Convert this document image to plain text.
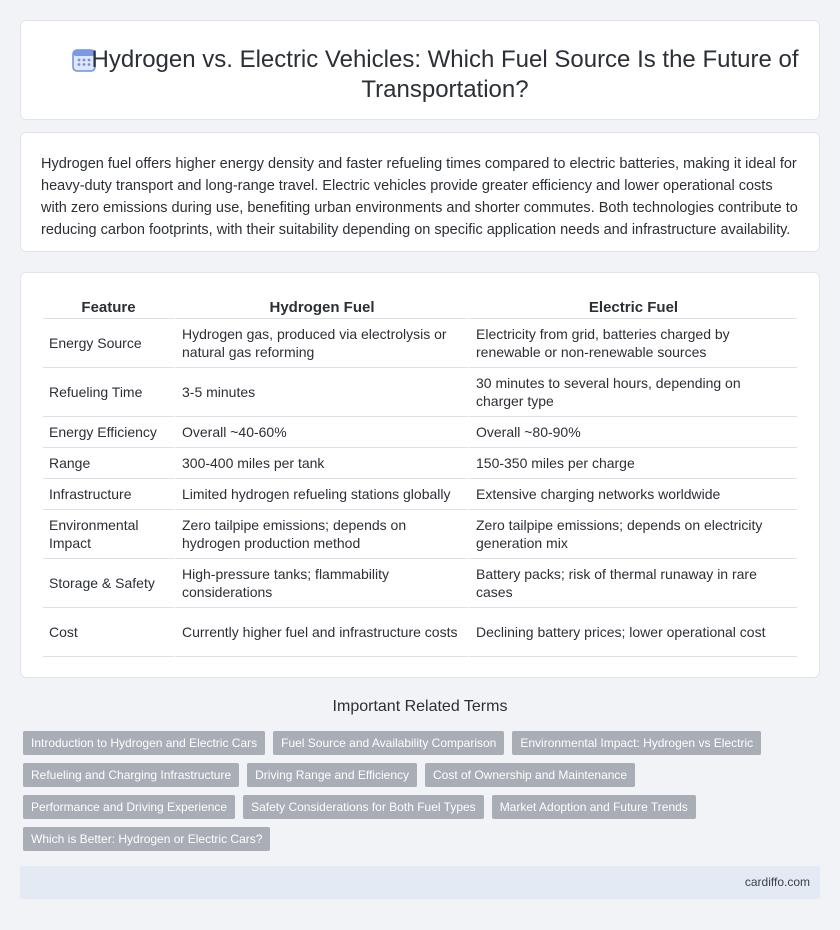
Hydrogen vs. Electric Vehicles: Which Fuel Source Is the Future of Transportation?

Hydrogen fuel offers higher energy density and faster refueling times compared to electric batteries, making it ideal for heavy-duty transport and long-range travel. Electric vehicles provide greater efficiency and lower operational costs with zero emissions during use, benefiting urban environments and shorter commutes. Both technologies contribute to reducing carbon footprints, with their suitability depending on specific application needs and infrastructure availability.

Feature	Hydrogen Fuel	Electric Fuel
Energy Source	Hydrogen gas, produced via electrolysis or natural gas reforming	Electricity from grid, batteries charged by renewable or non-renewable sources
Refueling Time	3-5 minutes	30 minutes to several hours, depending on charger type
Energy Efficiency	Overall ~40-60%	Overall ~80-90%
Range	300-400 miles per tank	150-350 miles per charge
Infrastructure	Limited hydrogen refueling stations globally	Extensive charging networks worldwide
Environmental Impact	Zero tailpipe emissions; depends on hydrogen production method	Zero tailpipe emissions; depends on electricity generation mix
Storage & Safety	High-pressure tanks; flammability considerations	Battery packs; risk of thermal runaway in rare cases
Cost	Currently higher fuel and infrastructure costs	Declining battery prices; lower operational cost
Important Related Terms
Introduction to Hydrogen and Electric Cars	Fuel Source and Availability Comparison	Environmental Impact: Hydrogen vs Electric
Refueling and Charging Infrastructure	Driving Range and Efficiency	Cost of Ownership and Maintenance
Performance and Driving Experience	Safety Considerations for Both Fuel Types	Market Adoption and Future Trends
Which is Better: Hydrogen or Electric Cars?
cardiffo.com
